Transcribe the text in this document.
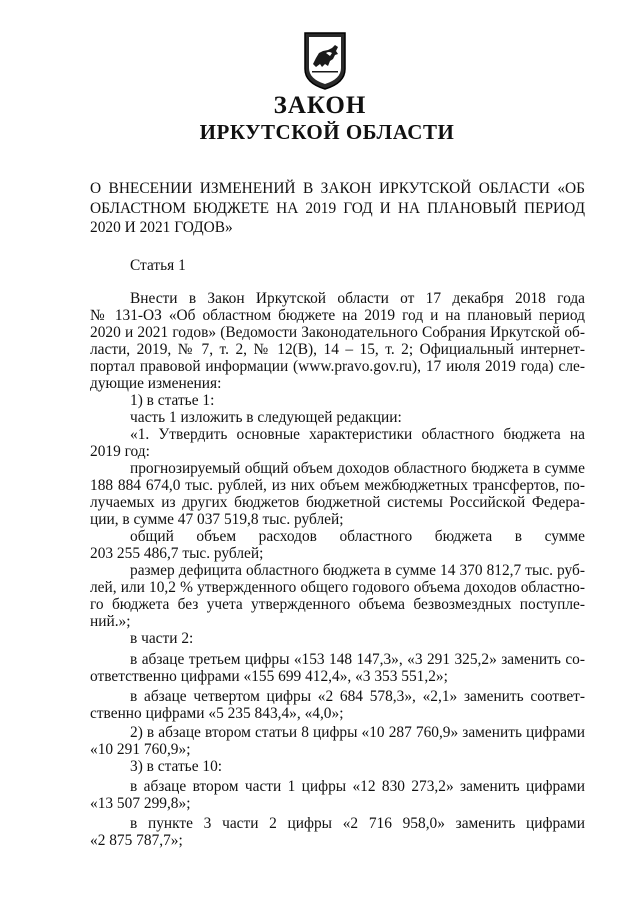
ЗАКОН
ИРКУТСКОЙ ОБЛАСТИ
О ВНЕСЕНИИ ИЗМЕНЕНИЙ В ЗАКОН ИРКУТСКОЙ ОБЛАСТИ «ОБ
ОБЛАСТНОМ БЮДЖЕТЕ НА 2019 ГОД И НА ПЛАНОВЫЙ ПЕРИОД
2020 И 2021 ГОДОВ»
Статья 1
Внести в Закон Иркутской области от 17 декабря 2018 года
№ 131-ОЗ «Об областном бюджете на 2019 год и на плановый период
2020 и 2021 годов» (Ведомости Законодательного Собрания Иркутской об-
ласти, 2019, № 7, т. 2, № 12(В), 14 – 15, т. 2; Официальный интернет-
портал правовой информации (www.pravo.gov.ru), 17 июля 2019 года) сле-
дующие изменения:
1) в статье 1:
часть 1 изложить в следующей редакции:
«1. Утвердить основные характеристики областного бюджета на
2019 год:
прогнозируемый общий объем доходов областного бюджета в сумме
188 884 674,0 тыс. рублей, из них объем межбюджетных трансфертов, по-
лучаемых из других бюджетов бюджетной системы Российской Федера-
ции, в сумме 47 037 519,8 тыс. рублей;
общий объем расходов областного бюджета в сумме
203 255 486,7 тыс. рублей;
размер дефицита областного бюджета в сумме 14 370 812,7 тыс. руб-
лей, или 10,2 % утвержденного общего годового объема доходов областно-
го бюджета без учета утвержденного объема безвозмездных поступле-
ний.»;
в части 2:
в абзаце третьем цифры «153 148 147,3», «3 291 325,2» заменить со-
ответственно цифрами «155 699 412,4», «3 353 551,2»;
в абзаце четвертом цифры «2 684 578,3», «2,1» заменить соответ-
ственно цифрами «5 235 843,4», «4,0»;
2) в абзаце втором статьи 8 цифры «10 287 760,9» заменить цифрами
«10 291 760,9»;
3) в статье 10:
в абзаце втором части 1 цифры «12 830 273,2» заменить цифрами
«13 507 299,8»;
в пункте 3 части 2 цифры «2 716 958,0» заменить цифрами
«2 875 787,7»;
